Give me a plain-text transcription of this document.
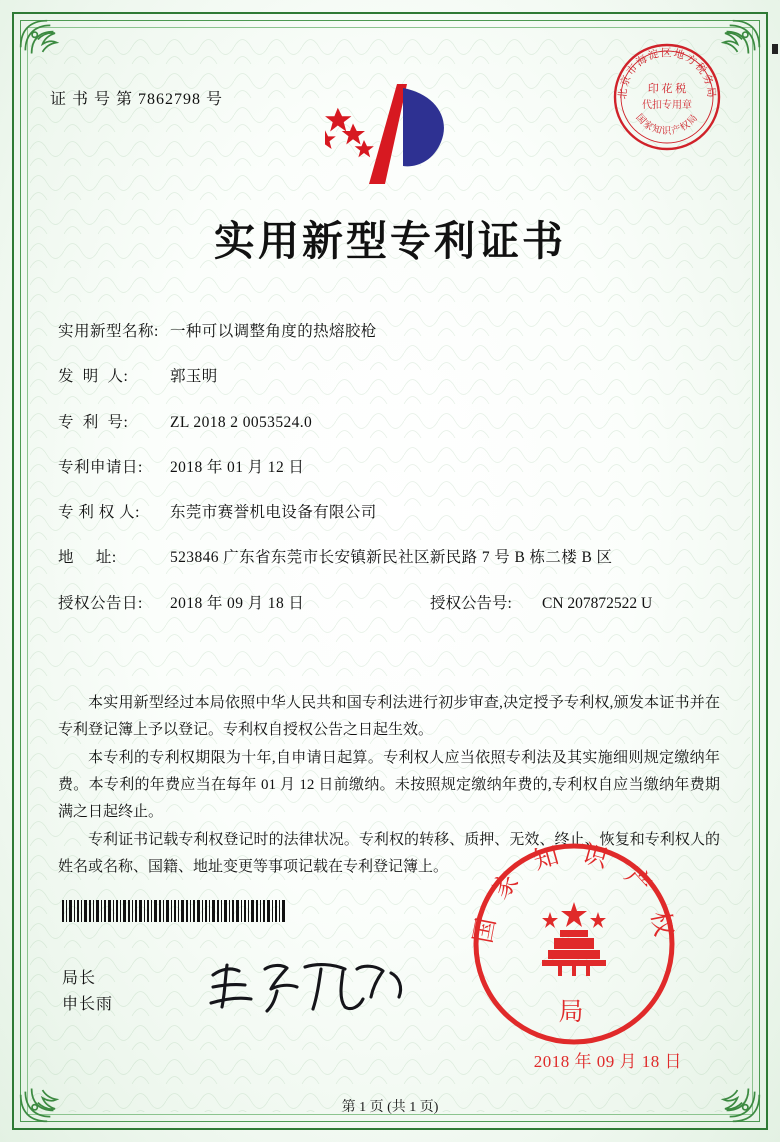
证 书 号 第 7862798 号	北京市海淀区地方税务局
国家知识产权局
印 花 税
代扣专用章
实用新型专利证书
实用新型名称: 一种可以调整角度的热熔胶枪
发  明  人:	郭玉明
专  利  号:	ZL 2018 2 0053524.0
专利申请日:	2018 年 01 月 12 日
专 利 权 人:	东莞市赛誉机电设备有限公司
地     址:	523846 广东省东莞市长安镇新民社区新民路 7 号 B 栋二楼 B 区
授权公告日:	2018 年 09 月 18 日	授权公告号:	CN 207872522 U

本实用新型经过本局依照中华人民共和国专利法进行初步审查,决定授予专利权,颁发本证书并在专利登记簿上予以登记。专利权自授权公告之日起生效。

本专利的专利权期限为十年,自申请日起算。专利权人应当依照专利法及其实施细则规定缴纳年费。本专利的年费应当在每年 01 月 12 日前缴纳。未按照规定缴纳年费的,专利权自应当缴纳年费期满之日起终止。

专利证书记载专利权登记时的法律状况。专利权的转移、质押、无效、终止、恢复和专利权人的姓名或名称、国籍、地址变更等事项记载在专利登记簿上。

局长
申长雨
国 家 知 识 产 权
局
2018 年 09 月 18 日
第 1 页 (共 1 页)
